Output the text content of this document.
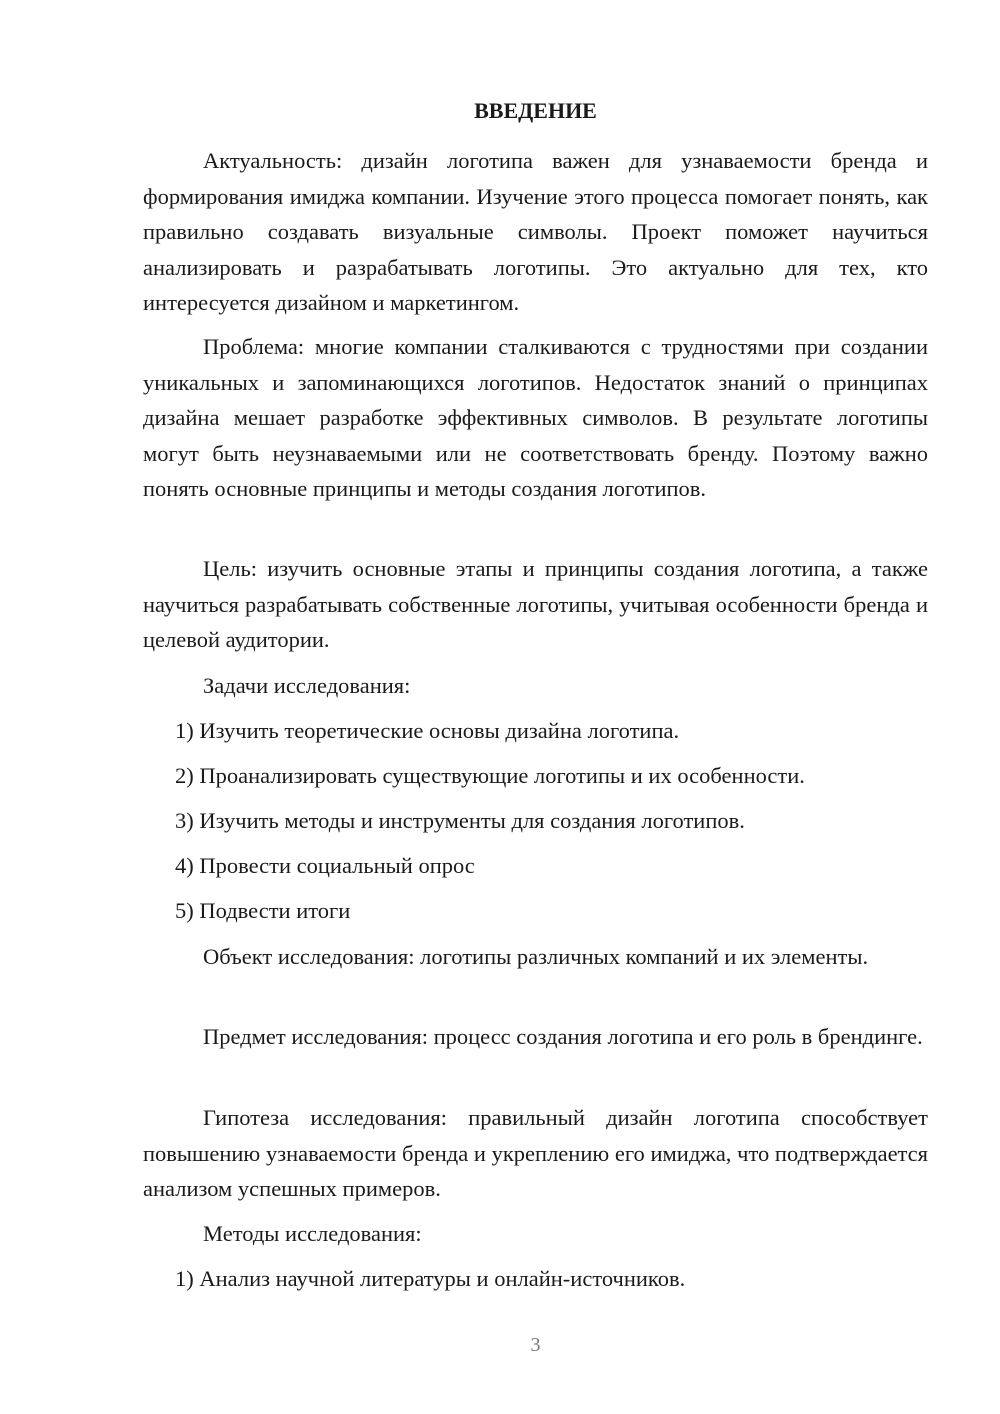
ВВЕДЕНИЕ

Актуальность: дизайн логотипа важен для узнаваемости бренда и формирования имиджа компании. Изучение этого процесса помогает понять, как правильно создавать визуальные символы. Проект поможет научиться анализировать и разрабатывать логотипы. Это актуально для тех, кто интересуется дизайном и маркетингом.

Проблема: многие компании сталкиваются с трудностями при создании уникальных и запоминающихся логотипов. Недостаток знаний о принципах дизайна мешает разработке эффективных символов. В результате логотипы могут быть неузнаваемыми или не соответствовать бренду. Поэтому важно понять основные принципы и методы создания логотипов.

Цель: изучить основные этапы и принципы создания логотипа, а также научиться разрабатывать собственные логотипы, учитывая особенности бренда и целевой аудитории.

Задачи исследования:

1) Изучить теоретические основы дизайна логотипа.

2) Проанализировать существующие логотипы и их особенности.

3) Изучить методы и инструменты для создания логотипов.

4) Провести социальный опрос

5) Подвести итоги

Объект исследования: логотипы различных компаний и их элементы.

Предмет исследования: процесс создания логотипа и его роль в брендинге.

Гипотеза исследования: правильный дизайн логотипа способствует повышению узнаваемости бренда и укреплению его имиджа, что подтверждается анализом успешных примеров.

Методы исследования:

1) Анализ научной литературы и онлайн-источников.

3
